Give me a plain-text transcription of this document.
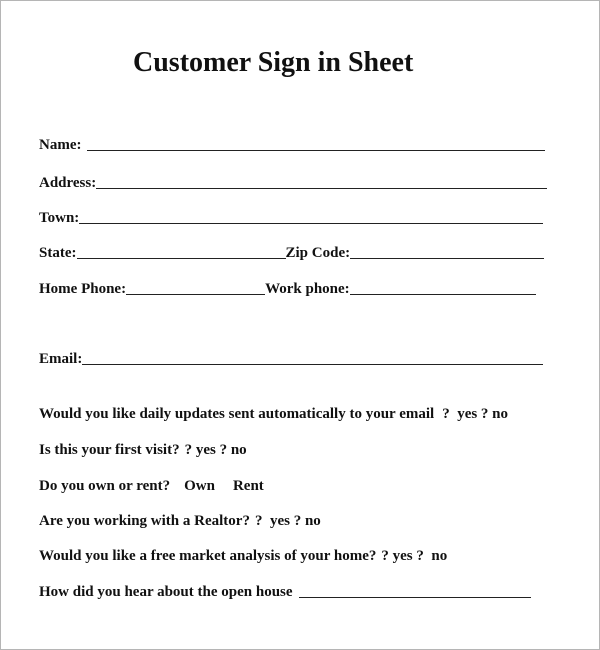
Customer Sign in Sheet
Name:
Address:
Town:
State:	Zip Code:
Home Phone:	Work phone:
Email:
Would you like daily updates sent automatically to your email ?  yes ? no
Is this your first visit? ? yes ? no
Do you own or rent? Own Rent
Are you working with a Realtor? ?  yes ? no
Would you like a free market analysis of your home? ? yes ?  no
How did you hear about the open house
